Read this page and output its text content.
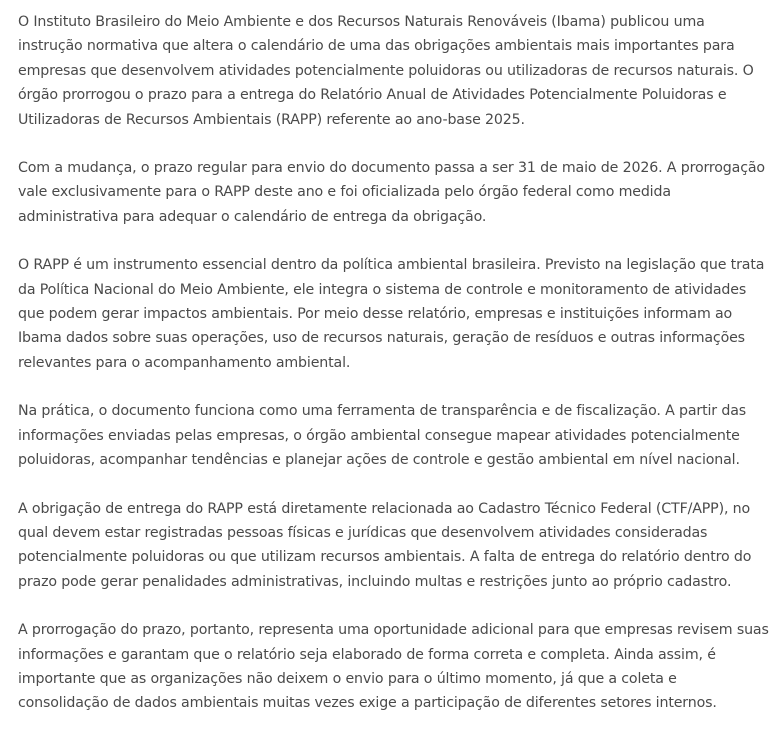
O Instituto Brasileiro do Meio Ambiente e dos Recursos Naturais Renováveis (Ibama) publicou uma instrução normativa que altera o calendário de uma das obrigações ambientais mais importantes para empresas que desenvolvem atividades potencialmente poluidoras ou utilizadoras de recursos naturais. O órgão prorrogou o prazo para a entrega do Relatório Anual de Atividades Potencialmente Poluidoras e Utilizadoras de Recursos Ambientais (RAPP) referente ao ano-base 2025.

Com a mudança, o prazo regular para envio do documento passa a ser 31 de maio de 2026. A prorrogação vale exclusivamente para o RAPP deste ano e foi oficializada pelo órgão federal como medida administrativa para adequar o calendário de entrega da obrigação.

O RAPP é um instrumento essencial dentro da política ambiental brasileira. Previsto na legislação que trata da Política Nacional do Meio Ambiente, ele integra o sistema de controle e monitoramento de atividades que podem gerar impactos ambientais. Por meio desse relatório, empresas e instituições informam ao Ibama dados sobre suas operações, uso de recursos naturais, geração de resíduos e outras informações relevantes para o acompanhamento ambiental.

Na prática, o documento funciona como uma ferramenta de transparência e de fiscalização. A partir das informações enviadas pelas empresas, o órgão ambiental consegue mapear atividades potencialmente poluidoras, acompanhar tendências e planejar ações de controle e gestão ambiental em nível nacional.

A obrigação de entrega do RAPP está diretamente relacionada ao Cadastro Técnico Federal (CTF/APP), no qual devem estar registradas pessoas físicas e jurídicas que desenvolvem atividades consideradas potencialmente poluidoras ou que utilizam recursos ambientais. A falta de entrega do relatório dentro do prazo pode gerar penalidades administrativas, incluindo multas e restrições junto ao próprio cadastro.

A prorrogação do prazo, portanto, representa uma oportunidade adicional para que empresas revisem suas informações e garantam que o relatório seja elaborado de forma correta e completa. Ainda assim, é importante que as organizações não deixem o envio para o último momento, já que a coleta e consolidação de dados ambientais muitas vezes exige a participação de diferentes setores internos.
